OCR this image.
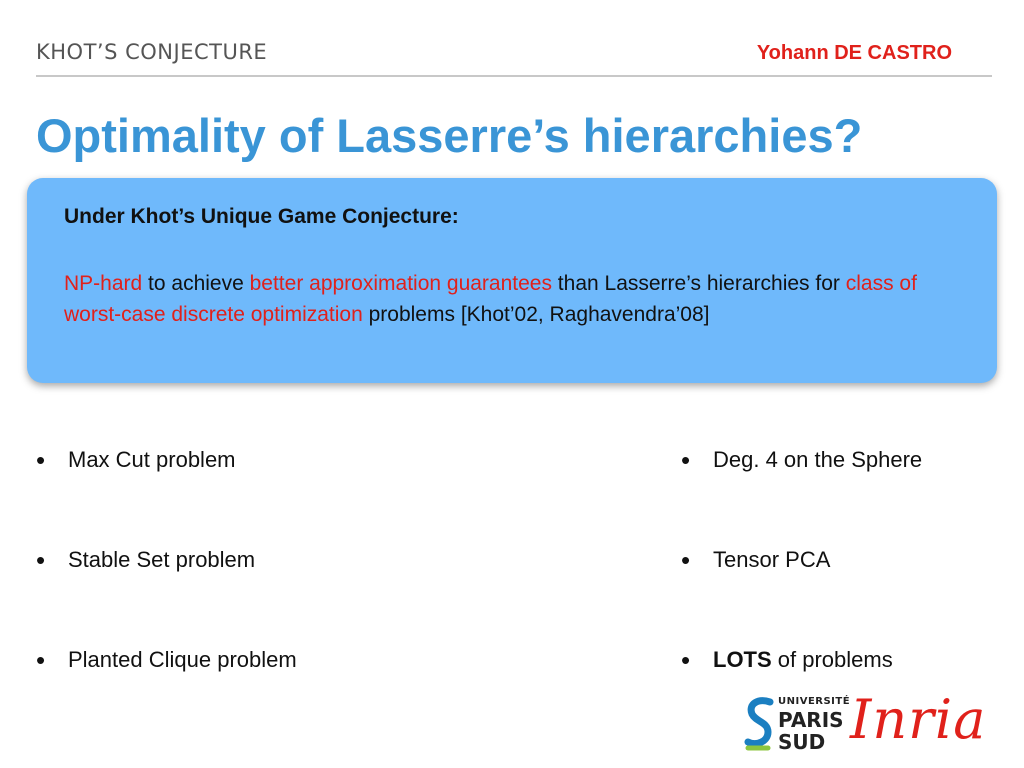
KHOT’S CONJECTURE	Yohann DE CASTRO
Optimality of Lasserre’s hierarchies?
Under Khot’s Unique Game Conjecture:
NP-hard to achieve better approximation guarantees than Lasserre’s hierarchies for class of worst-case discrete optimization problems [Khot’02, Raghavendra’08]
• Max Cut problem
• Stable Set problem
• Planted Clique problem
• Deg. 4 on the Sphere
• Tensor PCA
• LOTS of problems
UNIVERSITÉ
PARIS
SUD Inria
